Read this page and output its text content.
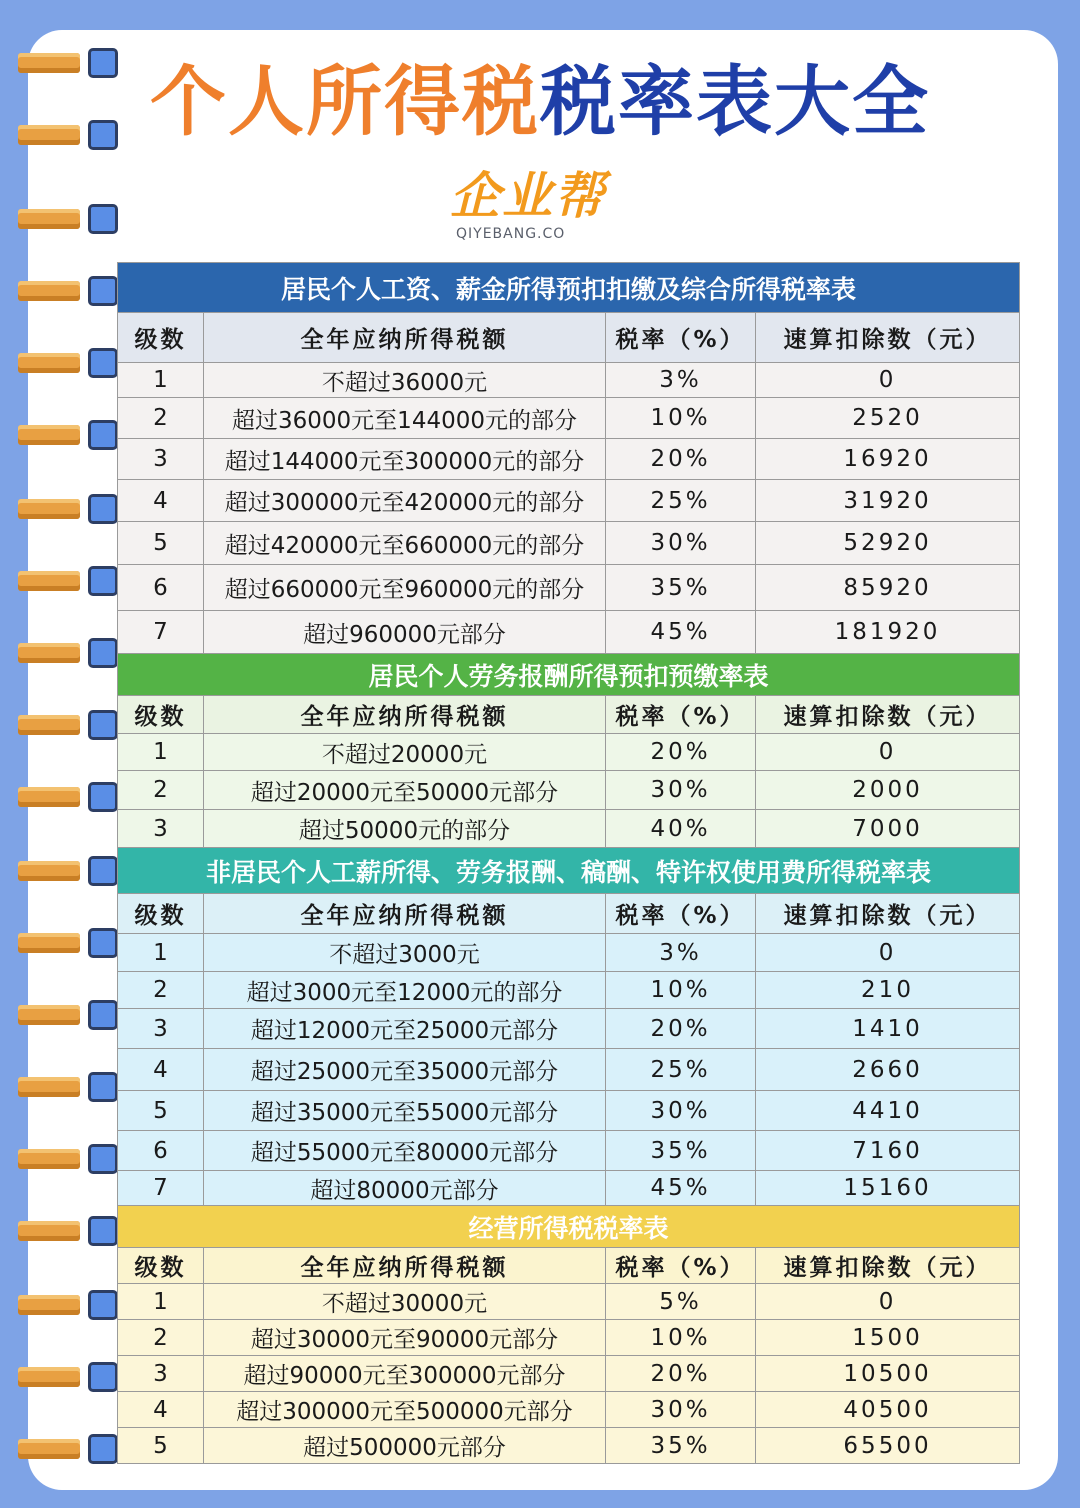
个人所得税税率表大全
企业帮
QIYEBANG.CO
居民个人工资、薪金所得预扣扣缴及综合所得税率表			
级数	全年应纳所得税额	税率（%）	速算扣除数（元）
1	不超过36000元	3%	0
2	超过36000元至144000元的部分	10%	2520
3	超过144000元至300000元的部分	20%	16920
4	超过300000元至420000元的部分	25%	31920
5	超过420000元至660000元的部分	30%	52920
6	超过660000元至960000元的部分	35%	85920
7	超过960000元部分	45%	181920
居民个人劳务报酬所得预扣预缴率表			
级数	全年应纳所得税额	税率（%）	速算扣除数（元）
1	不超过20000元	20%	0
2	超过20000元至50000元部分	30%	2000
3	超过50000元的部分	40%	7000
非居民个人工薪所得、劳务报酬、稿酬、特许权使用费所得税率表			
级数	全年应纳所得税额	税率（%）	速算扣除数（元）
1	不超过3000元	3%	0
2	超过3000元至12000元的部分	10%	210
3	超过12000元至25000元部分	20%	1410
4	超过25000元至35000元部分	25%	2660
5	超过35000元至55000元部分	30%	4410
6	超过55000元至80000元部分	35%	7160
7	超过80000元部分	45%	15160
经营所得税税率表			
级数	全年应纳所得税额	税率（%）	速算扣除数（元）
1	不超过30000元	5%	0
2	超过30000元至90000元部分	10%	1500
3	超过90000元至300000元部分	20%	10500
4	超过300000元至500000元部分	30%	40500
5	超过500000元部分	35%	65500
